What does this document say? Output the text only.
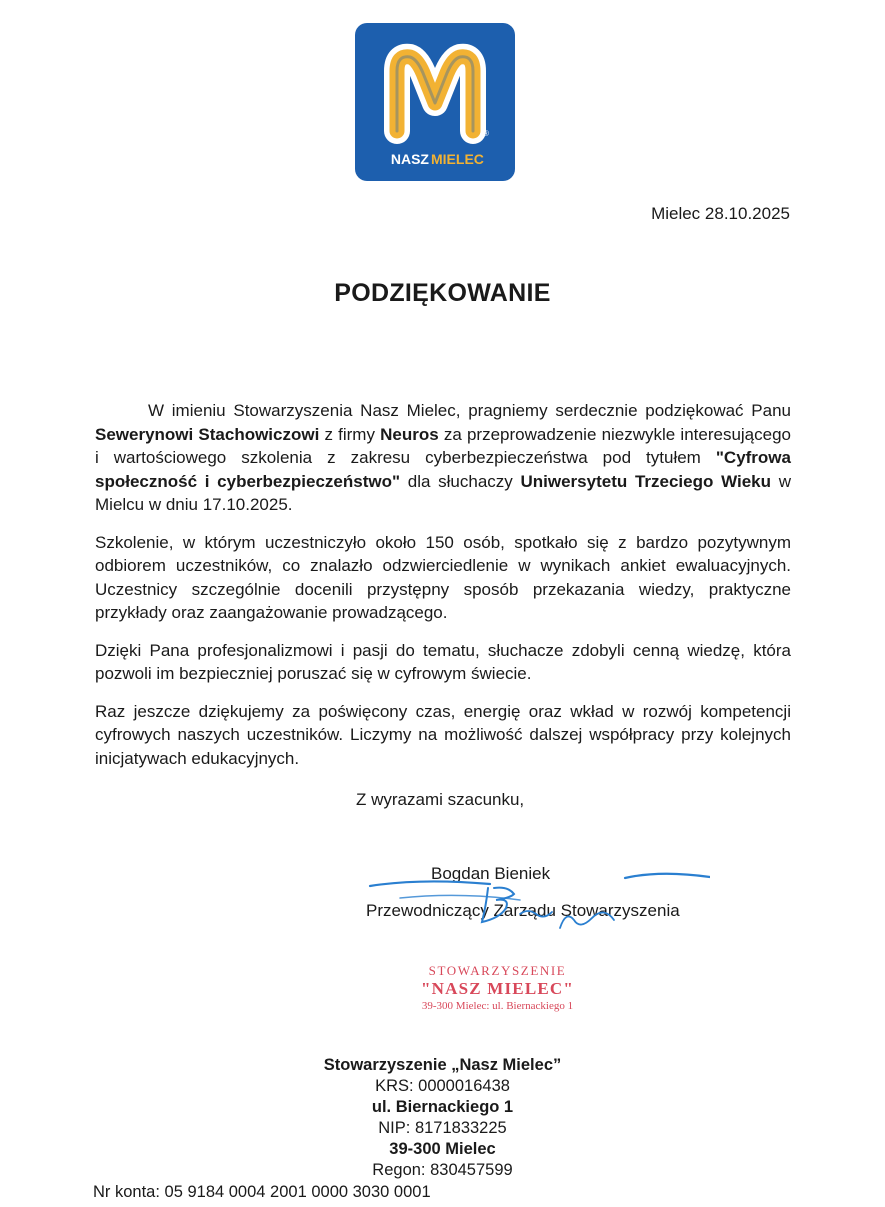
NASZ MIELEC
®
Mielec 28.10.2025
PODZIĘKOWANIE

W imieniu Stowarzyszenia Nasz Mielec, pragniemy serdecznie podziękować Panu Sewerynowi Stachowiczowi z firmy Neuros za przeprowadzenie niezwykle interesującego i wartościowego szkolenia z zakresu cyberbezpieczeństwa pod tytułem "Cyfrowa społeczność i cyberbezpieczeństwo" dla słuchaczy Uniwersytetu Trzeciego Wieku w Mielcu w dniu 17.10.2025.

Szkolenie, w którym uczestniczyło około 150 osób, spotkało się z bardzo pozytywnym odbiorem uczestników, co znalazło odzwierciedlenie w wynikach ankiet ewaluacyjnych. Uczestnicy szczególnie docenili przystępny sposób przekazania wiedzy, praktyczne przykłady oraz zaangażowanie prowadzącego.

Dzięki Pana profesjonalizmowi i pasji do tematu, słuchacze zdobyli cenną wiedzę, która pozwoli im bezpieczniej poruszać się w cyfrowym świecie.

Raz jeszcze dziękujemy za poświęcony czas, energię oraz wkład w rozwój kompetencji cyfrowych naszych uczestników. Liczymy na możliwość dalszej współpracy przy kolejnych inicjatywach edukacyjnych.

Z wyrazami szacunku,
Bogdan Bieniek
Przewodniczący Zarządu Stowarzyszenia
STOWARZYSZENIE
"NASZ MIELEC"
39-300 Mielec: ul. Biernackiego 1
Stowarzyszenie „Nasz Mielec”
KRS: 0000016438
ul. Biernackiego 1
NIP: 8171833225
39-300 Mielec
Regon: 830457599
Nr konta: 05 9184 0004 2001 0000 3030 0001
